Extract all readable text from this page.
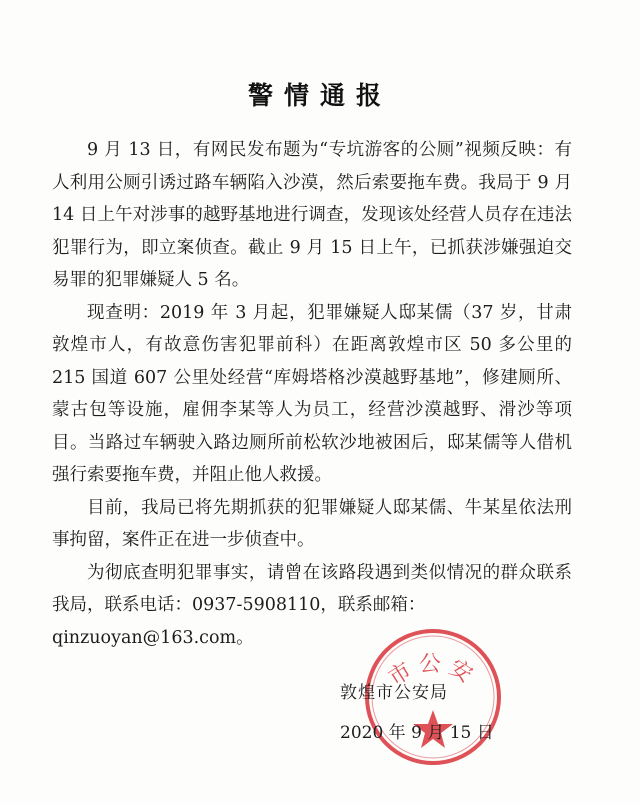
警情通报

9 月 13 日，有网民发布题为“专坑游客的公厕”视频反映：有人利用公厕引诱过路车辆陷入沙漠，然后索要拖车费。我局于 9 月 14 日上午对涉事的越野基地进行调查，发现该处经营人员存在违法犯罪行为，即立案侦查。截止 9 月 15 日上午，已抓获涉嫌强迫交易罪的犯罪嫌疑人 5 名。

现查明：2019 年 3 月起，犯罪嫌疑人邸某儒（37 岁，甘肃敦煌市人，有故意伤害犯罪前科）在距离敦煌市区 50 多公里的 215 国道 607 公里处经营“库姆塔格沙漠越野基地”，修建厕所、蒙古包等设施，雇佣李某等人为员工，经营沙漠越野、滑沙等项目。当路过车辆驶入路边厕所前松软沙地被困后，邸某儒等人借机强行索要拖车费，并阻止他人救援。

目前，我局已将先期抓获的犯罪嫌疑人邸某儒、牛某星依法刑事拘留，案件正在进一步侦查中。

为彻底查明犯罪事实，请曾在该路段遇到类似情况的群众联系我局，联系电话：0937-5908110，联系邮箱：

qinzuoyan@163.com。

市公安
敦煌市公安局
2020 年 9 月 15 日
